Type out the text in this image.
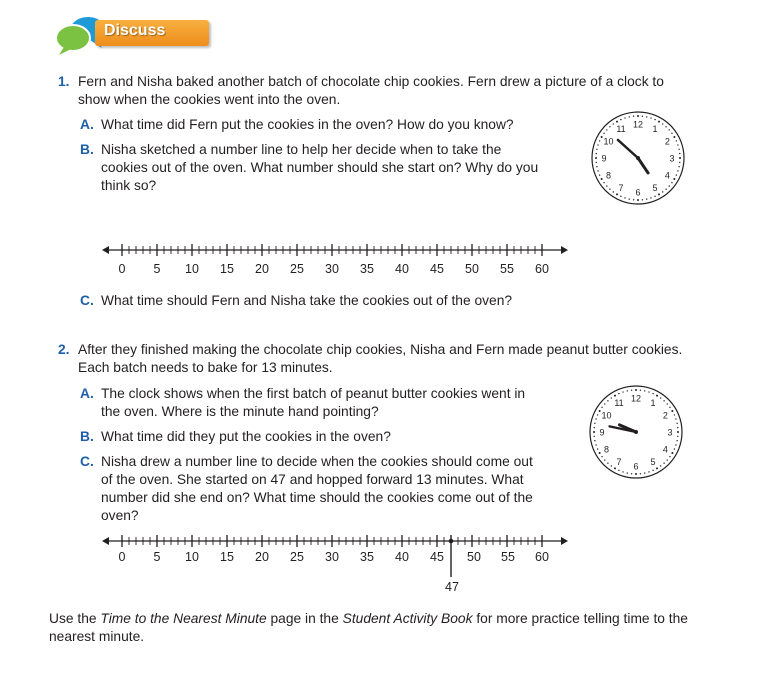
Discuss
1. Fern and Nisha baked another batch of chocolate chip cookies. Fern drew a picture of a clock to
show when the cookies went into the oven.
A. What time did Fern put the cookies in the oven? How do you know?
B. Nisha sketched a number line to help her decide when to take the
cookies out of the oven. What number should she start on? Why do you
think so?
12 1
2
3
4
5
6
7
8
9
10
11
0 5 10 15 20 25 30 35 40 45 50 55 60
C. What time should Fern and Nisha take the cookies out of the oven?
2. After they finished making the chocolate chip cookies, Nisha and Fern made peanut butter cookies.
Each batch needs to bake for 13 minutes.
A. The clock shows when the first batch of peanut butter cookies went in
the oven. Where is the minute hand pointing?
B. What time did they put the cookies in the oven?
C. Nisha drew a number line to decide when the cookies should come out
of the oven. She started on 47 and hopped forward 13 minutes. What
number did she end on? What time should the cookies come out of the
oven?
12 1
2
3
4
5
6
7
8
9
10
11
0 5 10 15 20 25 30 35 40 45 50 55 60
47
Use the Time to the Nearest Minute page in the Student Activity Book for more practice telling time to the
nearest minute.
